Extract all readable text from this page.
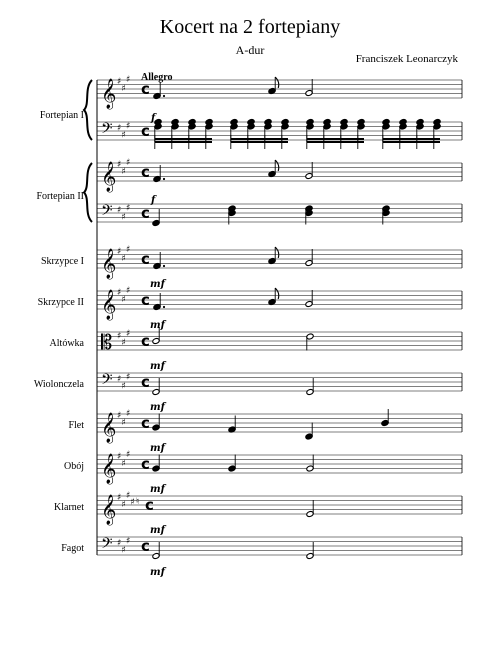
Kocert na 2 fortepiany
A-dur
Franciszek Leonarczyk
Allegro
Fortepian I
Fortepian II
Skrzypce I
Skrzypce II
Altówka
Wiolonczela
Flet
Obój
Klarnet
Fagot
𝄞 ♯
♯
♯
c
𝄢 ♯
♯
♯ c
𝄞 ♯
♯
♯
c
𝄢 ♯
♯
♯ c
𝄞 ♯
♯
♯
c
𝄞 ♯
♯
♯
c
𝄡 ♯
♯
♯ c
𝄢 ♯
♯
♯ c
𝄞 ♯
♯
♯
c
𝄞 ♯
♯
♯
c
𝄞 ♯
♯
♯
♯ ♮ c
𝄢 ♯
♯
♯ c
f
f
mf
mf
mf
mf
mf
mf
mf
mf
